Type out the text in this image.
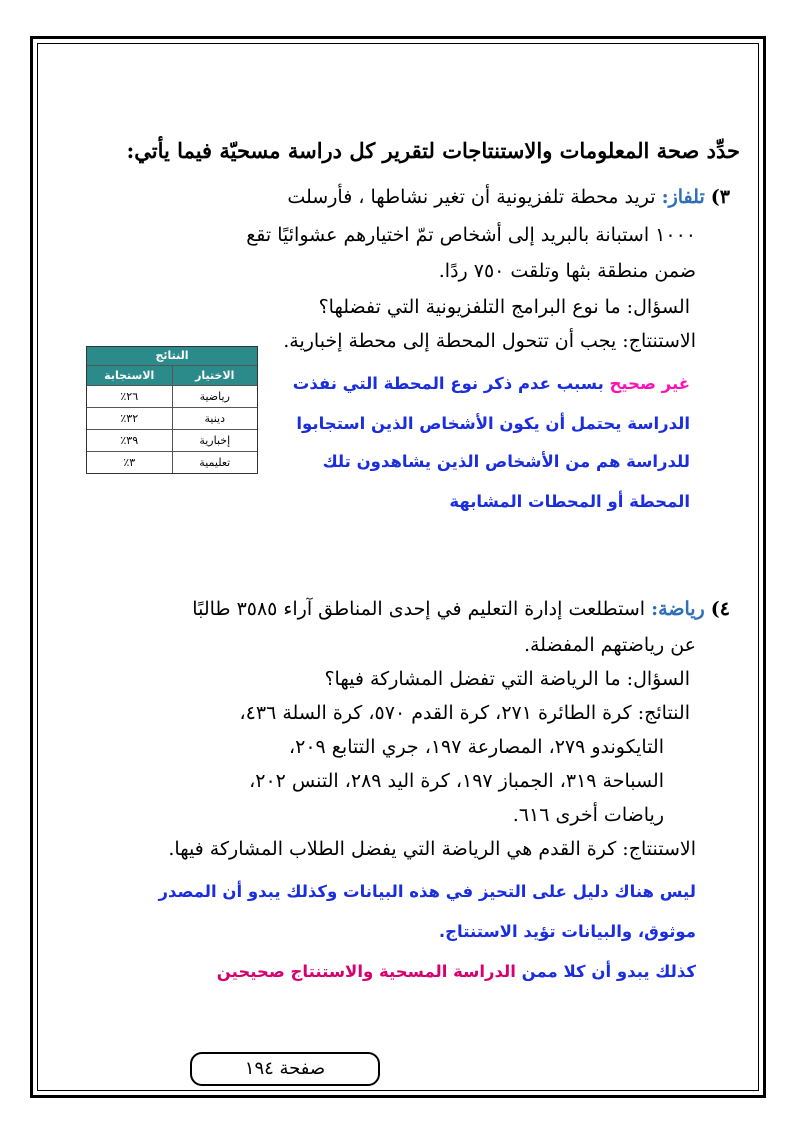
حدِّد صحة المعلومات والاستنتاجات لتقرير كل دراسة مسحيّة فيما يأتي:
٣) تلفاز: تريد محطة تلفزيونية أن تغير نشاطها ، فأرسلت
١٠٠٠ استبانة بالبريد إلى أشخاص تمّ اختيارهم عشوائيًا تقع
ضمن منطقة بثها وتلقت ٧٥٠ ردًا.
السؤال: ما نوع البرامج التلفزيونية التي تفضلها؟
الاستنتاج: يجب أن تتحول المحطة إلى محطة إخبارية.
غير صحيح بسبب عدم ذكر نوع المحطة التي نفذت
الدراسة يحتمل أن يكون الأشخاص الذين استجابوا
للدراسة هم من الأشخاص الذين يشاهدون تلك
المحطة أو المحطات المشابهة
٤) رياضة: استطلعت إدارة التعليم في إحدى المناطق آراء ٣٥٨٥ طالبًا
عن رياضتهم المفضلة.
السؤال: ما الرياضة التي تفضل المشاركة فيها؟
النتائج: كرة الطائرة ٢٧١، كرة القدم ٥٧٠، كرة السلة ٤٣٦،
التايكوندو ٢٧٩، المصارعة ١٩٧، جري التتابع ٢٠٩،
السباحة ٣١٩، الجمباز ١٩٧، كرة اليد ٢٨٩، التنس ٢٠٢،
رياضات أخرى ٦١٦.
الاستنتاج: كرة القدم هي الرياضة التي يفضل الطلاب المشاركة فيها.
ليس هناك دليل على التحيز في هذه البيانات وكذلك يبدو أن المصدر
موثوق، والبيانات تؤيد الاستنتاج.
كذلك يبدو أن كلا ممن الدراسة المسحية والاستنتاج صحيحين
النتائج
الاختيار
الاستجابة
رياضية
٢٦٪
دينية
٣٢٪
إخبارية
٣٩٪
تعليمية
٣٪
صفحة ١٩٤
